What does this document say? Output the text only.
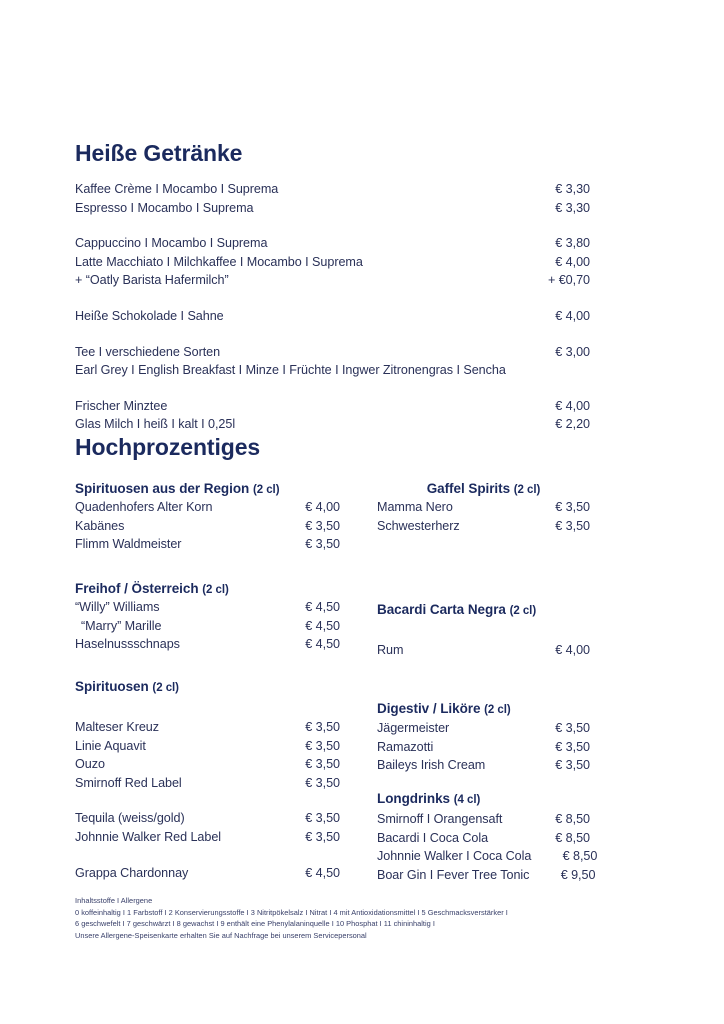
Heiße Getränke
Kaffee Crème I Mocambo I Suprema	€ 3,30
Espresso I Mocambo I Suprema	€ 3,30
Cappuccino I Mocambo I Suprema	€ 3,80
Latte Macchiato I Milchkaffee I Mocambo I Suprema	€ 4,00
+ “Oatly Barista Hafermilch”	+ €0,70
Heiße Schokolade I Sahne	€ 4,00
Tee I verschiedene Sorten	€ 3,00
Earl Grey I English Breakfast I Minze I Früchte I Ingwer Zitronengras I Sencha
Frischer Minztee	€ 4,00
Glas Milch I heiß I kalt I 0,25l	€ 2,20
Hochprozentiges
Spirituosen aus der Region (2 cl)
Quadenhofers Alter Korn	€ 4,00
Kabänes	€ 3,50
Flimm Waldmeister	€ 3,50
Gaffel Spirits (2 cl)
Mamma Nero	€ 3,50
Schwesterherz	€ 3,50
Freihof / Österreich (2 cl)
“Willy” Williams	€ 4,50
“Marry” Marille	€ 4,50
Haselnussschnaps	€ 4,50
Bacardi Carta Negra (2 cl)
Rum	€ 4,00
Spirituosen (2 cl)
Malteser Kreuz	€ 3,50
Linie Aquavit	€ 3,50
Ouzo	€ 3,50
Smirnoff Red Label	€ 3,50
Tequila (weiss/gold)	€ 3,50
Johnnie Walker Red Label	€ 3,50
Grappa Chardonnay	€ 4,50
Digestiv / Liköre (2 cl)
Jägermeister	€ 3,50
Ramazotti	€ 3,50
Baileys Irish Cream	€ 3,50
Longdrinks (4 cl)
Smirnoff I Orangensaft	€ 8,50
Bacardi I Coca Cola	€ 8,50
Johnnie Walker I Coca Cola	€ 8,50
Boar Gin I Fever Tree Tonic	€ 9,50
Inhaltsstoffe I Allergene
0 koffeinhaltig I 1 Farbstoff I 2 Konservierungsstoffe I 3 Nitritpökelsalz I Nitrat I 4 mit Antioxidationsmittel I 5 Geschmacksverstärker I
6 geschwefelt I 7 geschwärzt I 8 gewachst I 9 enthält eine Phenylalaninquelle I 10 Phosphat I 11 chininhaltig I
Unsere Allergene-Speisenkarte erhalten Sie auf Nachfrage bei unserem Servicepersonal
